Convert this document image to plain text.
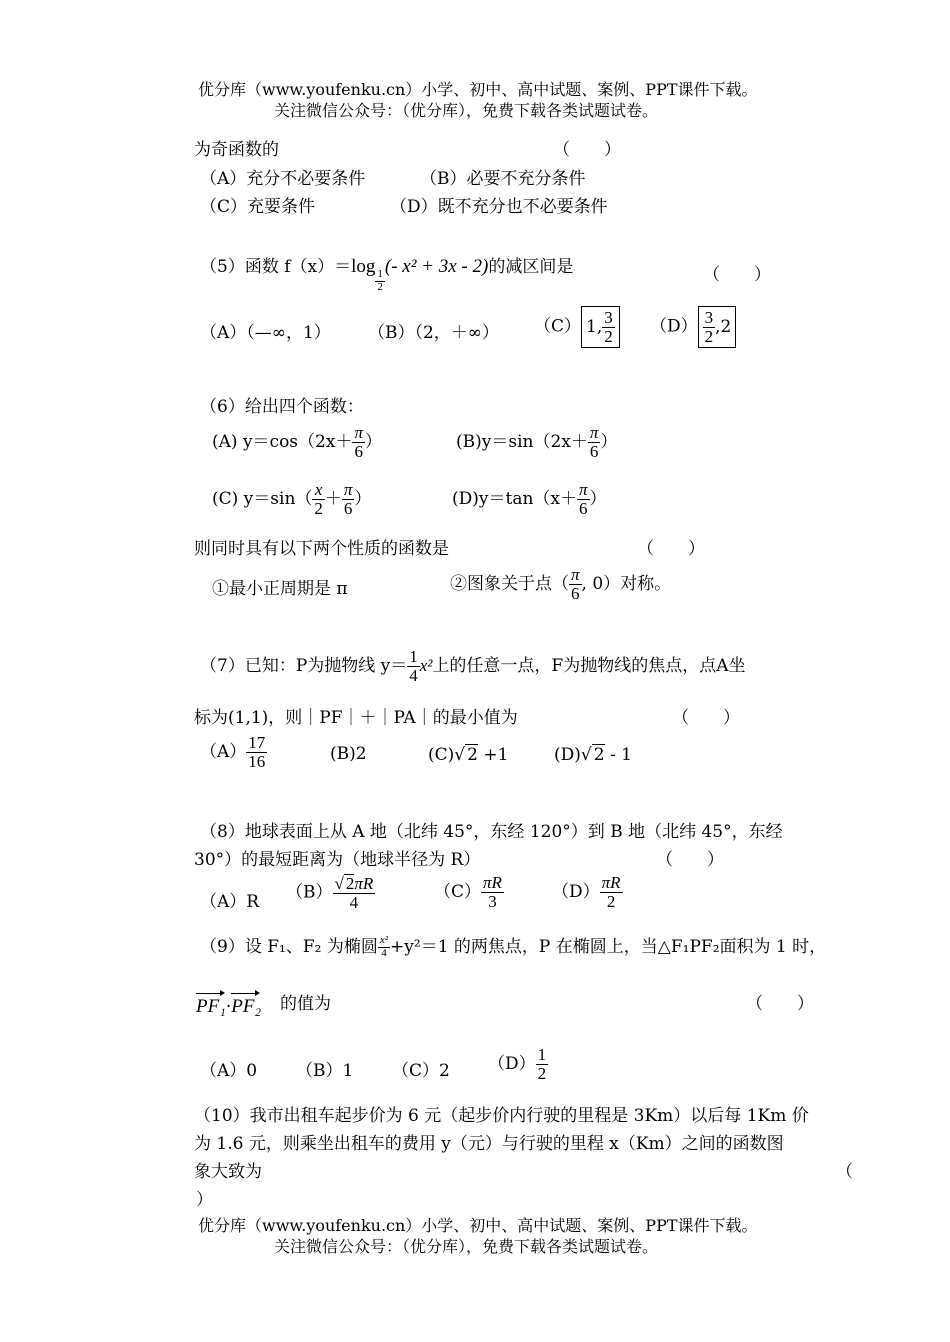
优分库（www.youfenku.cn）小学、初中、高中试题、案例、PPT课件下载。
关注微信公众号：（优分库），免费下载各类试题试卷。
为奇函数的	（　　）
（A）充分不必要条件	（B）必要不充分条件
（C）充要条件	（D）既不充分也不必要条件
（5）函数 f（x）＝log
$\frac{1}{2}$
(- x² + 3x - 2)的减区间是	（　　）
（A）（—∞，1） （B）（2，＋∞） （C） 1, $\frac{3}{2} (D) \frac{3}{2} ,2$
（6）给出四个函数：
(A) $y=\cos(2x+ \frac{\pi}{6}$ ）	$(B)y=\sin(2x+ \frac{\pi}{6}$ ）
(C) $y=\sin( \frac{x}{2} + \frac{\pi}{6}$ ）	$(D)y=\tan(x+ \frac{\pi}{6}$ ）
则同时具有以下两个性质的函数是	（　　）
①最小正周期是 π	②图象关于点（ $\frac{\pi}{6}$ , 0）对称。
（7）已知：P为抛物线 $y= \frac{1}{4} x^2$上的任意一点，F为抛物线的焦点，点A坐
标为(1,1)，则｜PF｜＋｜PA｜的最小值为	（　　）
$(A) \frac{17}{16}$	(B)2	(C)√ 2 +1	(D)√ 2 - 1
（8）地球表面上从 A 地（北纬 45°，东经 120°）到 B 地（北纬 45°，东经
30°）的最短距离为（地球半径为 R）	（　　）
（A）R $(B) \frac{√ 2\pi R}{4}$	$(C) \frac{\pi R}{3}$	$(D) \frac{\pi R}{2}$
（9）设 F₁、F₂ 为椭圆 $\frac{\text{x²}}{4} +y^2=1$ 的两焦点，P 在椭圆上，当△F₁PF₂面积为 1 时，
PF₁·PF₂ 的值为	（　　）
（A）0 （B）1 （C）2 $(D) \frac{1}{2}$
（10）我市出租车起步价为 6 元（起步价内行驶的里程是 3Km）以后每 1Km 价
为 1.6 元，则乘坐出租车的费用 y（元）与行驶的里程 x（Km）之间的函数图
象大致为	（
）
优分库（www.youfenku.cn）小学、初中、高中试题、案例、PPT课件下载。
关注微信公众号：（优分库），免费下载各类试题试卷。
